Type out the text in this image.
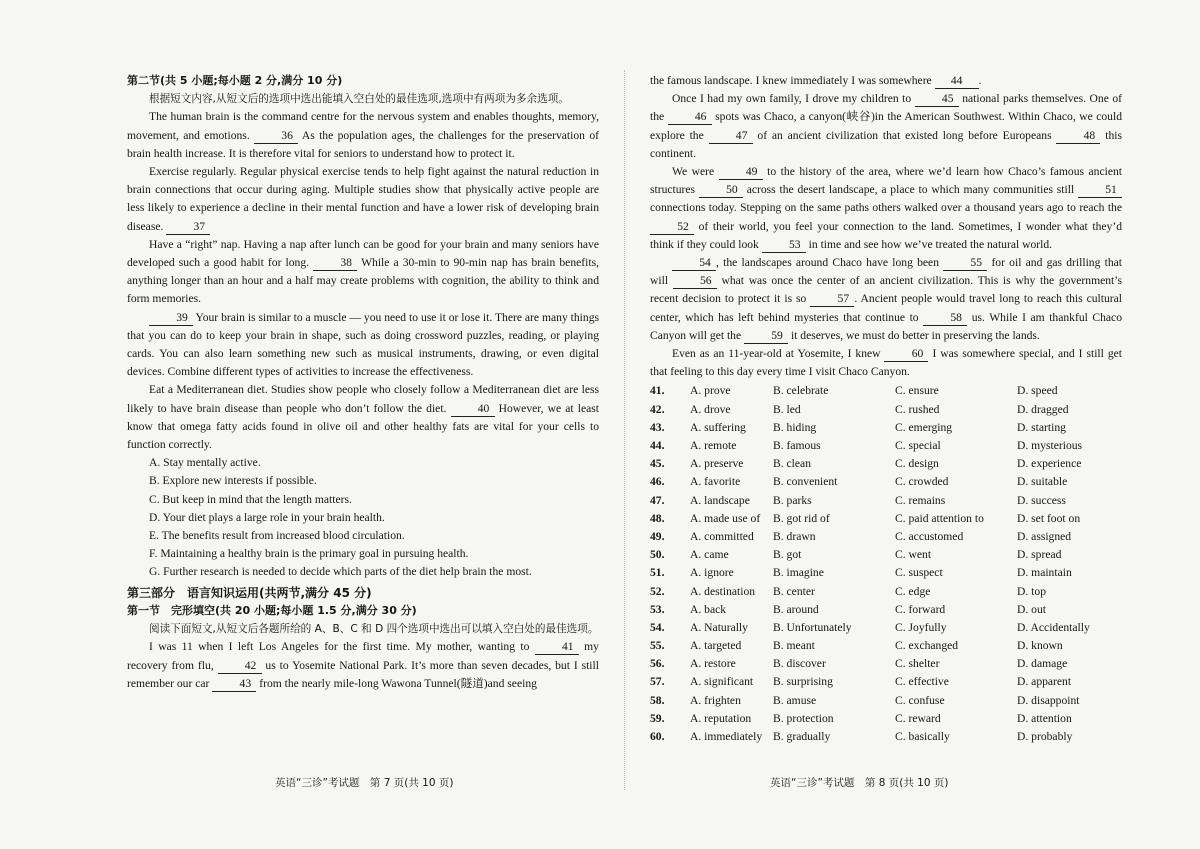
第二节(共 5 小题;每小题 2 分,满分 10 分)

根据短文内容,从短文后的选项中选出能填入空白处的最佳选项,选项中有两项为多余选项。

The human brain is the command centre for the nervous system and enables thoughts, memory, movement, and emotions.	36 As the population ages, the challenges for the preservation of brain health increase. It is therefore vital for seniors to understand how to protect it.

Exercise regularly. Regular physical exercise tends to help fight against the natural reduction in brain connections that occur during aging. Multiple studies show that physically active people are less likely to experience a decline in their mental function and have a lower risk of developing brain disease.	37

Have a “right” nap. Having a nap after lunch can be good for your brain and many seniors have developed such a good habit for long.	38 While a 30-min to 90-min nap has brain benefits, anything longer than an hour and a half may create problems with cognition, the ability to think and form memories.

39 Your brain is similar to a muscle — you need to use it or lose it. There are many things that you can do to keep your brain in shape, such as doing crossword puzzles, reading, or playing cards. You can also learn something new such as musical instruments, drawing, or even digital devices. Combine different types of activities to increase the effectiveness.

Eat a Mediterranean diet. Studies show people who closely follow a Mediterranean diet are less likely to have brain disease than people who don’t follow the diet.	40 However, we at least know that omega fatty acids found in olive oil and other healthy fats are vital for your cells to function correctly.

A. Stay mentally active.

B. Explore new interests if possible.

C. But keep in mind that the length matters.

D. Your diet plays a large role in your brain health.

E. The benefits result from increased blood circulation.

F. Maintaining a healthy brain is the primary goal in pursuing health.

G. Further research is needed to decide which parts of the diet help brain the most.

第三部分　语言知识运用(共两节,满分 45 分)

第一节　完形填空(共 20 小题;每小题 1.5 分,满分 30 分)

阅读下面短文,从短文后各题所给的 A、B、C 和 D 四个选项中选出可以填入空白处的最佳选项。

I was 11 when I left Los Angeles for the first time. My mother, wanting to	41 my recovery from flu,	42 us to Yosemite National Park. It’s more than seven decades, but I still remember our car	43 from the nearly mile-long Wawona Tunnel(隧道)and seeing

英语“三诊”考试题　第 7 页(共 10 页)

the famous landscape. I knew immediately I was somewhere 44 .

Once I had my own family, I drove my children to	45 national parks themselves. One of the	46 spots was Chaco, a canyon(峡谷)in the American Southwest. Within Chaco, we could explore the	47 of an ancient civilization that existed long before Europeans	48 this continent.

We were	49 to the history of the area, where we’d learn how Chaco’s famous ancient structures	50 across the desert landscape, a place to which many communities still	51 connections today. Stepping on the same paths others walked over a thousand years ago to reach the 52 of their world, you feel your connection to the land. Sometimes, I wonder what they’d think if they could look	53 in time and see how we’ve treated the natural world.

54 , the landscapes around Chaco have long been	55 for oil and gas drilling that will	56 what was once the center of an ancient civilization. This is why the government’s recent decision to protect it is so	57 . Ancient people would travel long to reach this cultural center, which has left behind mysteries that continue to	58 us. While I am thankful Chaco Canyon will get the	59 it deserves, we must do better in preserving the lands.

Even as an 11-year-old at Yosemite, I knew	60 I was somewhere special, and I still get that feeling to this day every time I visit Chaco Canyon.

41.	A. prove	B. celebrate	C. ensure	D. speed
42.	A. drove	B. led	C. rushed	D. dragged
43.	A. suffering	B. hiding	C. emerging	D. starting
44.	A. remote	B. famous	C. special	D. mysterious
45.	A. preserve	B. clean	C. design	D. experience
46.	A. favorite	B. convenient	C. crowded	D. suitable
47.	A. landscape	B. parks	C. remains	D. success
48.	A. made use of	B. got rid of	C. paid attention to	D. set foot on
49.	A. committed	B. drawn	C. accustomed	D. assigned
50.	A. came	B. got	C. went	D. spread
51.	A. ignore	B. imagine	C. suspect	D. maintain
52.	A. destination	B. center	C. edge	D. top
53.	A. back	B. around	C. forward	D. out
54.	A. Naturally	B. Unfortunately	C. Joyfully	D. Accidentally
55.	A. targeted	B. meant	C. exchanged	D. known
56.	A. restore	B. discover	C. shelter	D. damage
57.	A. significant	B. surprising	C. effective	D. apparent
58.	A. frighten	B. amuse	C. confuse	D. disappoint
59.	A. reputation	B. protection	C. reward	D. attention
60.	A. immediately B. gradually	C. basically	D. probably
英语“三诊”考试题　第 8 页(共 10 页)
